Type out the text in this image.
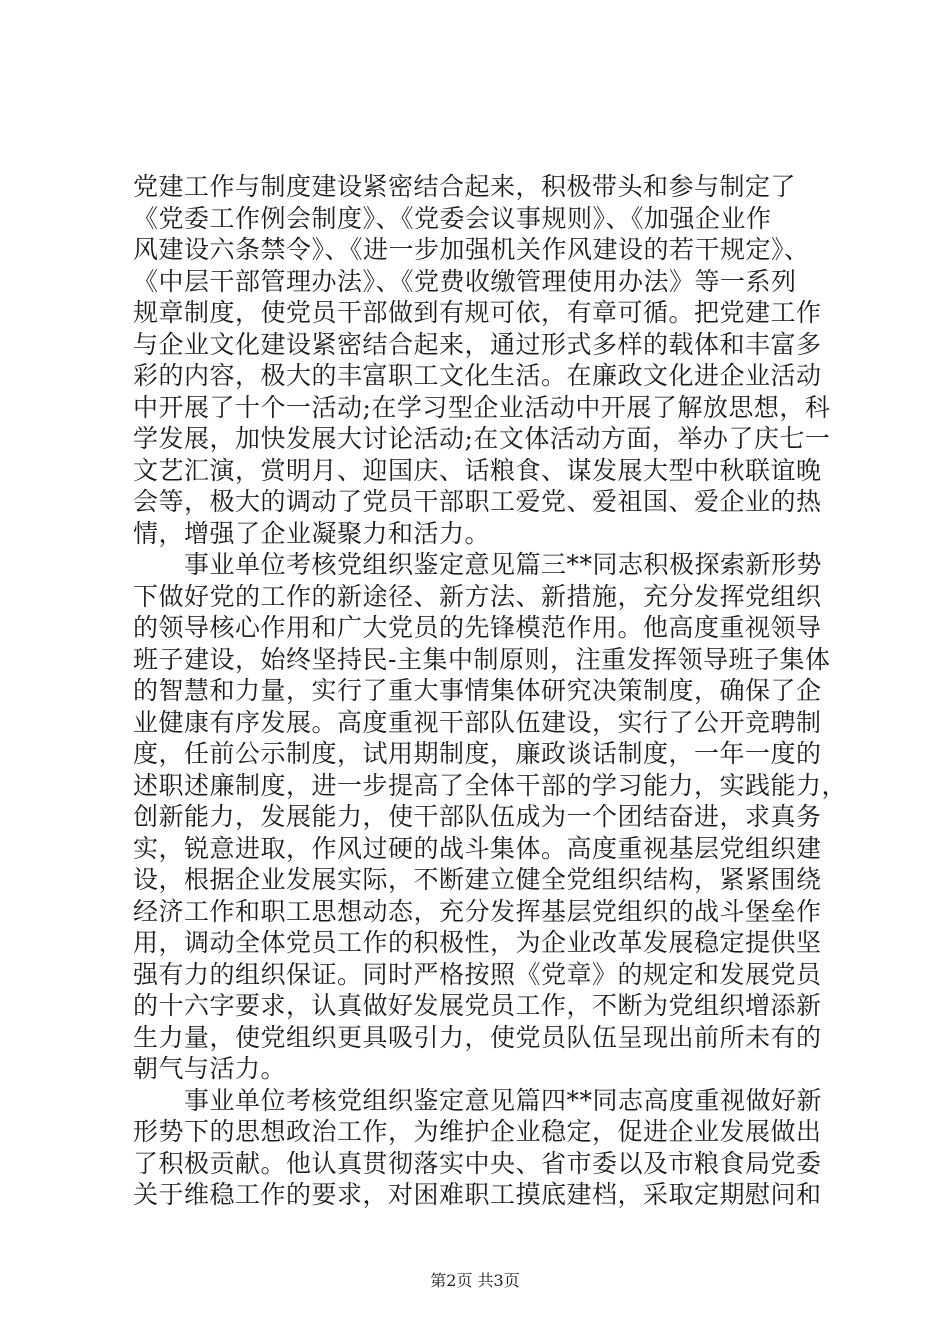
党建工作与制度建设紧密结合起来，积极带头和参与制定了
《党委工作例会制度》、《党委会议事规则》、《加强企业作
风建设六条禁令》、《进一步加强机关作风建设的若干规定》、
《中层干部管理办法》、《党费收缴管理使用办法》等一系列
规章制度，使党员干部做到有规可依，有章可循。把党建工作
与企业文化建设紧密结合起来，通过形式多样的载体和丰富多
彩的内容，极大的丰富职工文化生活。在廉政文化进企业活动
中开展了十个一活动;在学习型企业活动中开展了解放思想，科
学发展，加快发展大讨论活动;在文体活动方面，举办了庆七一
文艺汇演，赏明月、迎国庆、话粮食、谋发展大型中秋联谊晚
会等，极大的调动了党员干部职工爱党、爱祖国、爱企业的热
情，增强了企业凝聚力和活力。
　　事业单位考核党组织鉴定意见篇三**同志积极探索新形势
下做好党的工作的新途径、新方法、新措施，充分发挥党组织
的领导核心作用和广大党员的先锋模范作用。他高度重视领导
班子建设，始终坚持民-主集中制原则，注重发挥领导班子集体
的智慧和力量，实行了重大事情集体研究决策制度，确保了企
业健康有序发展。高度重视干部队伍建设，实行了公开竞聘制
度，任前公示制度，试用期制度，廉政谈话制度，一年一度的
述职述廉制度，进一步提高了全体干部的学习能力，实践能力，
创新能力，发展能力，使干部队伍成为一个团结奋进，求真务
实，锐意进取，作风过硬的战斗集体。高度重视基层党组织建
设，根据企业发展实际，不断建立健全党组织结构，紧紧围绕
经济工作和职工思想动态，充分发挥基层党组织的战斗堡垒作
用，调动全体党员工作的积极性，为企业改革发展稳定提供坚
强有力的组织保证。同时严格按照《党章》的规定和发展党员
的十六字要求，认真做好发展党员工作，不断为党组织增添新
生力量，使党组织更具吸引力，使党员队伍呈现出前所未有的
朝气与活力。
　　事业单位考核党组织鉴定意见篇四**同志高度重视做好新
形势下的思想政治工作，为维护企业稳定，促进企业发展做出
了积极贡献。他认真贯彻落实中央、省市委以及市粮食局党委
关于维稳工作的要求，对困难职工摸底建档，采取定期慰问和
第2页 共3页
